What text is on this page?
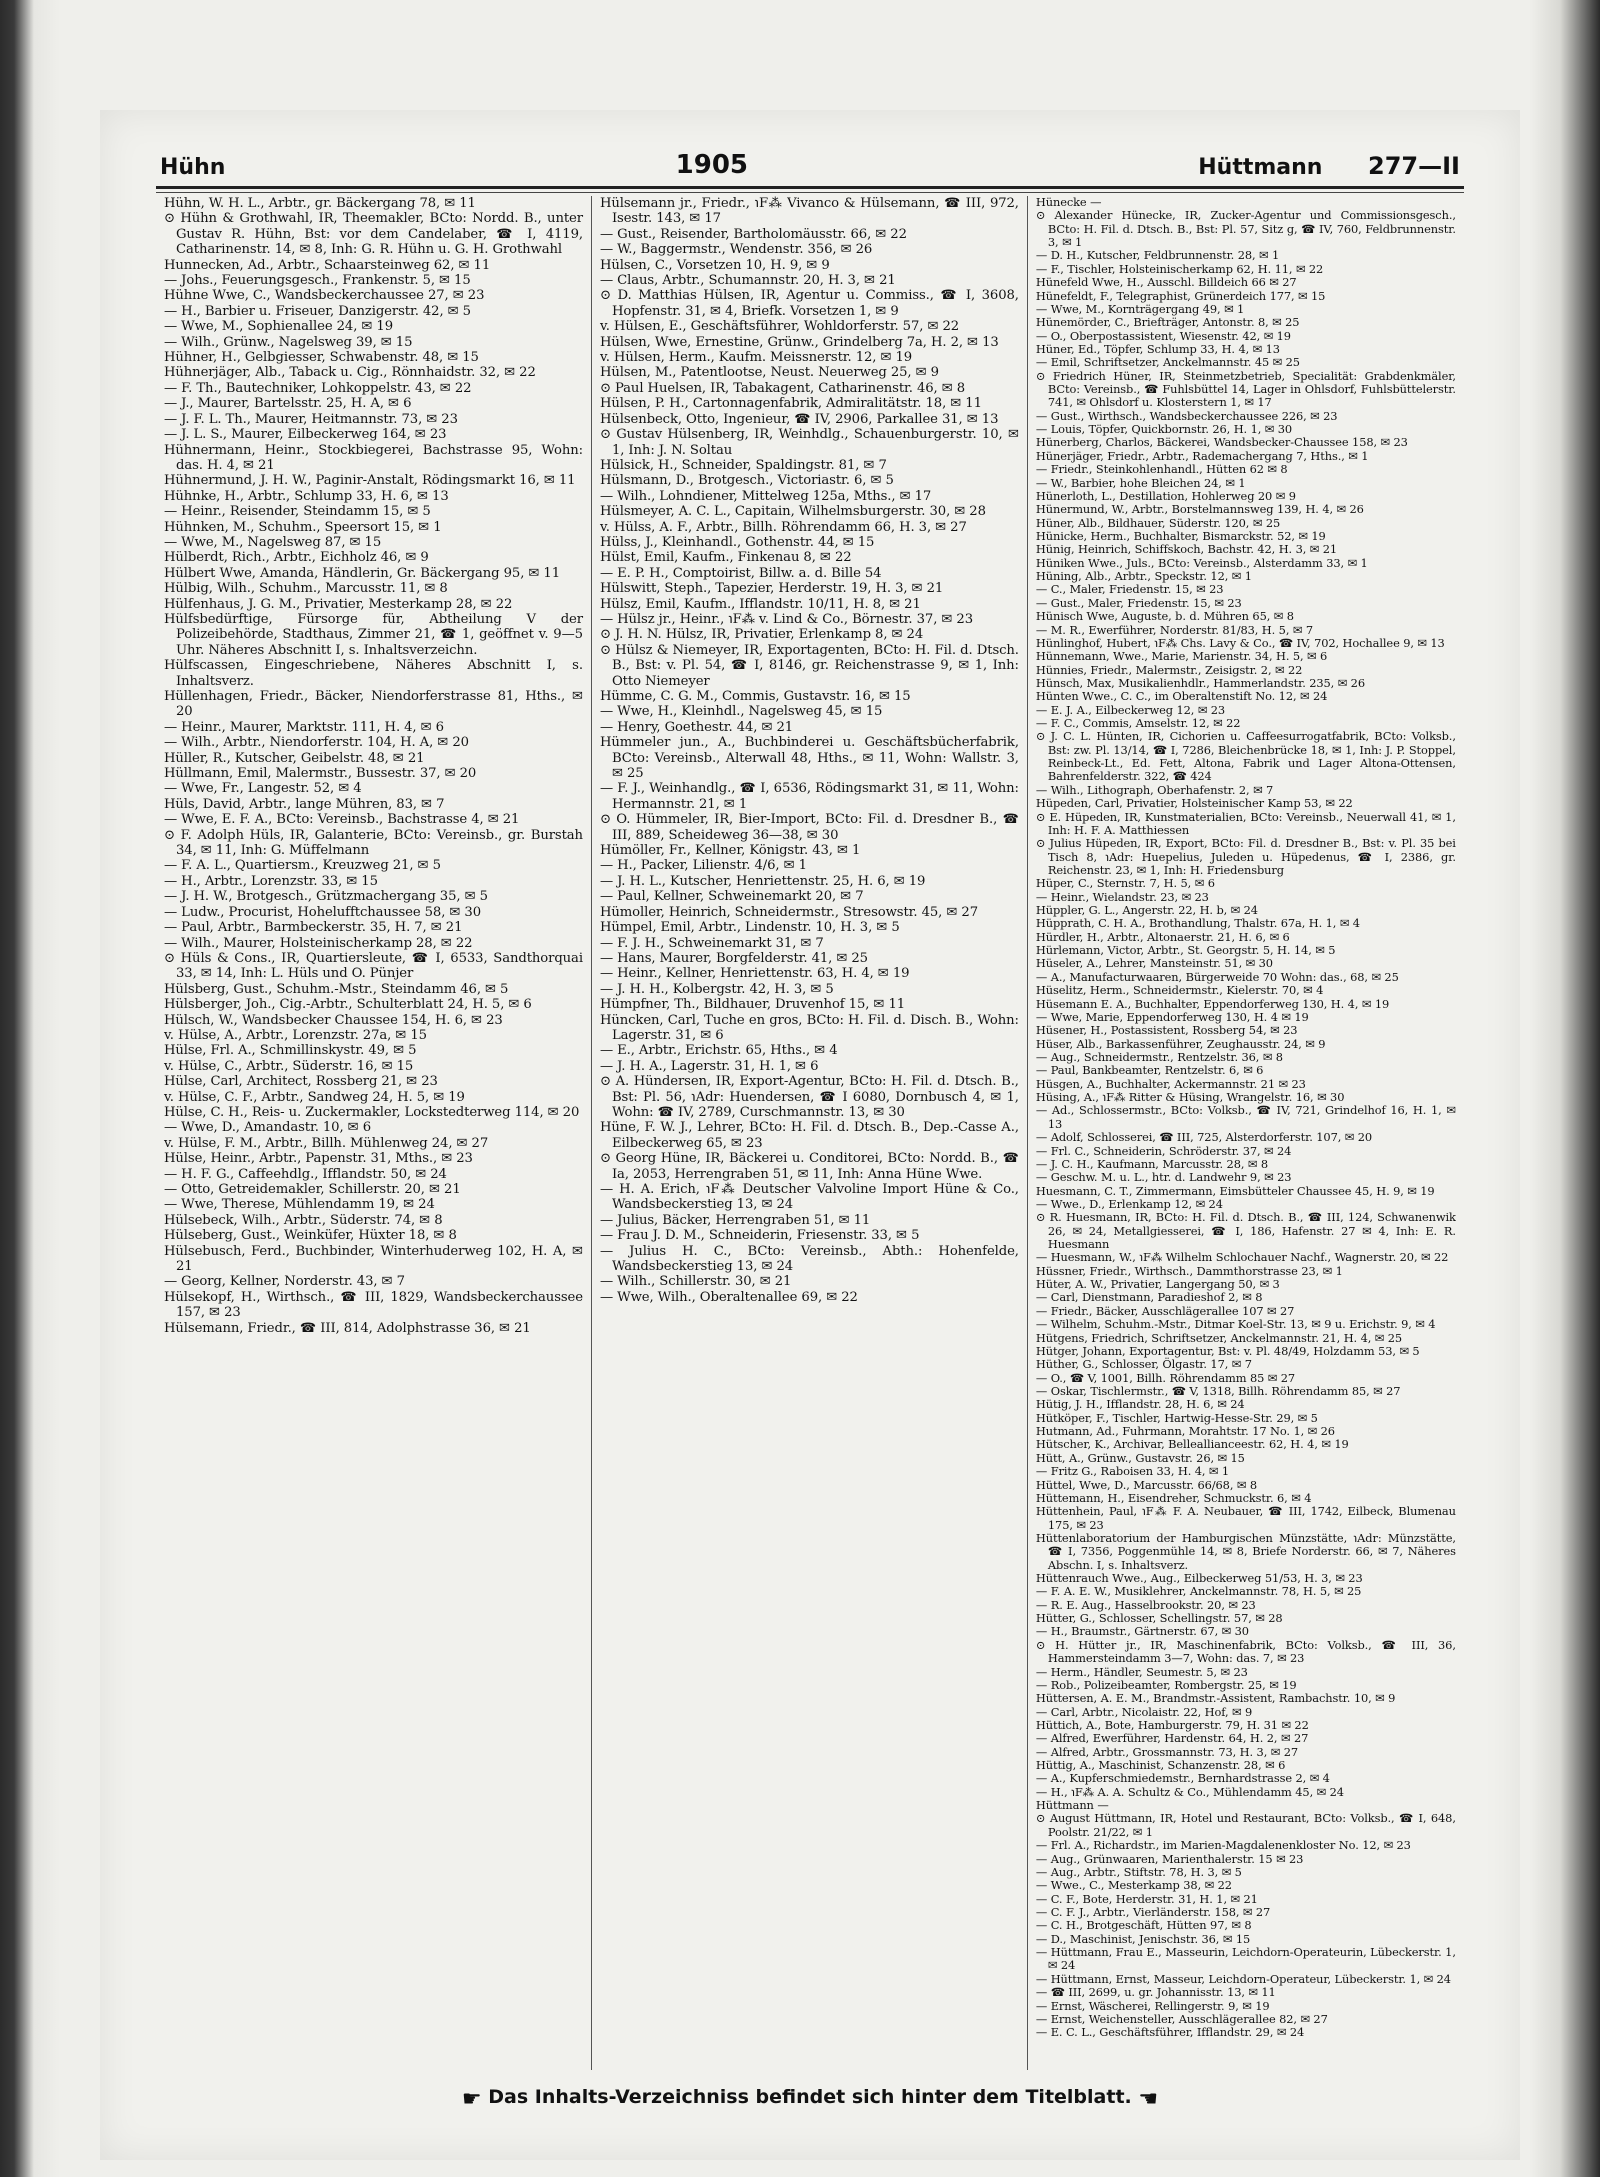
Hühn	1905	Hüttmann 277—II

Hühn, W. H. L., Arbtr., gr. Bäckergang 78, ✉ 11

⊙ Hühn & Grothwahl, IR, Theemakler, BCto: Nordd. B., unter Gustav R. Hühn, Bst: vor dem Candelaber, ☎ I, 4119, Catharinenstr. 14, ✉ 8, Inh: G. R. Hühn u. G. H. Grothwahl

Hunnecken, Ad., Arbtr., Schaarsteinweg 62, ✉ 11

— Johs., Feuerungsgesch., Frankenstr. 5, ✉ 15

Hühne Wwe, C., Wandsbeckerchaussee 27, ✉ 23

— H., Barbier u. Friseuer, Danzigerstr. 42, ✉ 5

— Wwe, M., Sophienallee 24, ✉ 19

— Wilh., Grünw., Nagelsweg 39, ✉ 15

Hühner, H., Gelbgiesser, Schwabenstr. 48, ✉ 15

Hühnerjäger, Alb., Taback u. Cig., Rönnhaidstr. 32, ✉ 22

— F. Th., Bautechniker, Lohkoppelstr. 43, ✉ 22

— J., Maurer, Bartelsstr. 25, H. A, ✉ 6

— J. F. L. Th., Maurer, Heitmannstr. 73, ✉ 23

— J. L. S., Maurer, Eilbeckerweg 164, ✉ 23

Hühnermann, Heinr., Stockbiegerei, Bachstrasse 95, Wohn: das. H. 4, ✉ 21

Hühnermund, J. H. W., Paginir-Anstalt, Rödingsmarkt 16, ✉ 11

Hühnke, H., Arbtr., Schlump 33, H. 6, ✉ 13

— Heinr., Reisender, Steindamm 15, ✉ 5

Hühnken, M., Schuhm., Speersort 15, ✉ 1

— Wwe, M., Nagelsweg 87, ✉ 15

Hülberdt, Rich., Arbtr., Eichholz 46, ✉ 9

Hülbert Wwe, Amanda, Händlerin, Gr. Bäckergang 95, ✉ 11

Hülbig, Wilh., Schuhm., Marcusstr. 11, ✉ 8

Hülfenhaus, J. G. M., Privatier, Mesterkamp 28, ✉ 22

Hülfsbedürftige, Fürsorge für, Abtheilung V der Polizeibehörde, Stadthaus, Zimmer 21, ☎ 1, geöffnet v. 9—5 Uhr. Näheres Abschnitt I, s. Inhaltsverzeichn.

Hülfscassen, Eingeschriebene, Näheres Abschnitt I, s. Inhaltsverz.

Hüllenhagen, Friedr., Bäcker, Niendorferstrasse 81, Hths., ✉ 20

— Heinr., Maurer, Marktstr. 111, H. 4, ✉ 6

— Wilh., Arbtr., Niendorferstr. 104, H. A, ✉ 20

Hüller, R., Kutscher, Geibelstr. 48, ✉ 21

Hüllmann, Emil, Malermstr., Bussestr. 37, ✉ 20

— Wwe, Fr., Langestr. 52, ✉ 4

Hüls, David, Arbtr., lange Mühren, 83, ✉ 7

— Wwe, E. F. A., BCto: Vereinsb., Bachstrasse 4, ✉ 21

⊙ F. Adolph Hüls, IR, Galanterie, BCto: Vereinsb., gr. Burstah 34, ✉ 11, Inh: G. Müffelmann

— F. A. L., Quartiersm., Kreuzweg 21, ✉ 5

— H., Arbtr., Lorenzstr. 33, ✉ 15

— J. H. W., Brotgesch., Grützmachergang 35, ✉ 5

— Ludw., Procurist, Hohelufftchaussee 58, ✉ 30

— Paul, Arbtr., Barmbeckerstr. 35, H. 7, ✉ 21

— Wilh., Maurer, Holsteinischerkamp 28, ✉ 22

⊙ Hüls & Cons., IR, Quartiersleute, ☎ I, 6533, Sandthorquai 33, ✉ 14, Inh: L. Hüls und O. Pünjer

Hülsberg, Gust., Schuhm.-Mstr., Steindamm 46, ✉ 5

Hülsberger, Joh., Cig.-Arbtr., Schulterblatt 24, H. 5, ✉ 6

Hülsch, W., Wandsbecker Chaussee 154, H. 6, ✉ 23

v. Hülse, A., Arbtr., Lorenzstr. 27a, ✉ 15

Hülse, Frl. A., Schmillinskystr. 49, ✉ 5

v. Hülse, C., Arbtr., Süderstr. 16, ✉ 15

Hülse, Carl, Architect, Rossberg 21, ✉ 23

v. Hülse, C. F., Arbtr., Sandweg 24, H. 5, ✉ 19

Hülse, C. H., Reis- u. Zuckermakler, Lockstedterweg 114, ✉ 20

— Wwe, D., Amandastr. 10, ✉ 6

v. Hülse, F. M., Arbtr., Billh. Mühlenweg 24, ✉ 27

Hülse, Heinr., Arbtr., Papenstr. 31, Mths., ✉ 23

— H. F. G., Caffeehdlg., Ifflandstr. 50, ✉ 24

— Otto, Getreidemakler, Schillerstr. 20, ✉ 21

— Wwe, Therese, Mühlendamm 19, ✉ 24

Hülsebeck, Wilh., Arbtr., Süderstr. 74, ✉ 8

Hülseberg, Gust., Weinküfer, Hüxter 18, ✉ 8

Hülsebusch, Ferd., Buchbinder, Winterhuderweg 102, H. A, ✉ 21

— Georg, Kellner, Norderstr. 43, ✉ 7

Hülsekopf, H., Wirthsch., ☎ III, 1829, Wandsbeckerchaussee 157, ✉ 23

Hülsemann, Friedr., ☎ III, 814, Adolphstrasse 36, ✉ 21

Hülsemann jr., Friedr., ℩F⁂ Vivanco & Hülsemann, ☎ III, 972, Isestr. 143, ✉ 17

— Gust., Reisender, Bartholomäusstr. 66, ✉ 22

— W., Baggermstr., Wendenstr. 356, ✉ 26

Hülsen, C., Vorsetzen 10, H. 9, ✉ 9

— Claus, Arbtr., Schumannstr. 20, H. 3, ✉ 21

⊙ D. Matthias Hülsen, IR, Agentur u. Commiss., ☎ I, 3608, Hopfenstr. 31, ✉ 4, Briefk. Vorsetzen 1, ✉ 9

v. Hülsen, E., Geschäftsführer, Wohldorferstr. 57, ✉ 22

Hülsen, Wwe, Ernestine, Grünw., Grindelberg 7a, H. 2, ✉ 13

v. Hülsen, Herm., Kaufm. Meissnerstr. 12, ✉ 19

Hülsen, M., Patentlootse, Neust. Neuerweg 25, ✉ 9

⊙ Paul Huelsen, IR, Tabakagent, Catharinenstr. 46, ✉ 8

Hülsen, P. H., Cartonnagenfabrik, Admiralitätstr. 18, ✉ 11

Hülsenbeck, Otto, Ingenieur, ☎ IV, 2906, Parkallee 31, ✉ 13

⊙ Gustav Hülsenberg, IR, Weinhdlg., Schauenburgerstr. 10, ✉ 1, Inh: J. N. Soltau

Hülsick, H., Schneider, Spaldingstr. 81, ✉ 7

Hülsmann, D., Brotgesch., Victoriastr. 6, ✉ 5

— Wilh., Lohndiener, Mittelweg 125a, Mths., ✉ 17

Hülsmeyer, A. C. L., Capitain, Wilhelmsburgerstr. 30, ✉ 28

v. Hülss, A. F., Arbtr., Billh. Röhrendamm 66, H. 3, ✉ 27

Hülss, J., Kleinhandl., Gothenstr. 44, ✉ 15

Hülst, Emil, Kaufm., Finkenau 8, ✉ 22

— E. P. H., Comptoirist, Billw. a. d. Bille 54

Hülswitt, Steph., Tapezier, Herderstr. 19, H. 3, ✉ 21

Hülsz, Emil, Kaufm., Ifflandstr. 10/11, H. 8, ✉ 21

— Hülsz jr., Heinr., ℩F⁂ v. Lind & Co., Börnestr. 37, ✉ 23

⊙ J. H. N. Hülsz, IR, Privatier, Erlenkamp 8, ✉ 24

⊙ Hülsz & Niemeyer, IR, Exportagenten, BCto: H. Fil. d. Dtsch. B., Bst: v. Pl. 54, ☎ I, 8146, gr. Reichenstrasse 9, ✉ 1, Inh: Otto Niemeyer

Hümme, C. G. M., Commis, Gustavstr. 16, ✉ 15

— Wwe, H., Kleinhdl., Nagelsweg 45, ✉ 15

— Henry, Goethestr. 44, ✉ 21

Hümmeler jun., A., Buchbinderei u. Geschäftsbücherfabrik, BCto: Vereinsb., Alterwall 48, Hths., ✉ 11, Wohn: Wallstr. 3, ✉ 25

— F. J., Weinhandlg., ☎ I, 6536, Rödingsmarkt 31, ✉ 11, Wohn: Hermannstr. 21, ✉ 1

⊙ O. Hümmeler, IR, Bier-Import, BCto: Fil. d. Dresdner B., ☎ III, 889, Scheideweg 36—38, ✉ 30

Hümöller, Fr., Kellner, Königstr. 43, ✉ 1

— H., Packer, Lilienstr. 4/6, ✉ 1

— J. H. L., Kutscher, Henriettenstr. 25, H. 6, ✉ 19

— Paul, Kellner, Schweinemarkt 20, ✉ 7

Hümoller, Heinrich, Schneidermstr., Stresowstr. 45, ✉ 27

Hümpel, Emil, Arbtr., Lindenstr. 10, H. 3, ✉ 5

— F. J. H., Schweinemarkt 31, ✉ 7

— Hans, Maurer, Borgfelderstr. 41, ✉ 25

— Heinr., Kellner, Henriettenstr. 63, H. 4, ✉ 19

— J. H. H., Kolbergstr. 42, H. 3, ✉ 5

Hümpfner, Th., Bildhauer, Druvenhof 15, ✉ 11

Hüncken, Carl, Tuche en gros, BCto: H. Fil. d. Disch. B., Wohn: Lagerstr. 31, ✉ 6

— E., Arbtr., Erichstr. 65, Hths., ✉ 4

— J. H. A., Lagerstr. 31, H. 1, ✉ 6

⊙ A. Hündersen, IR, Export-Agentur, BCto: H. Fil. d. Dtsch. B., Bst: Pl. 56, ℩Adr: Huendersen, ☎ I 6080, Dornbusch 4, ✉ 1, Wohn: ☎ IV, 2789, Curschmannstr. 13, ✉ 30

Hüne, F. W. J., Lehrer, BCto: H. Fil. d. Dtsch. B., Dep.-Casse A., Eilbeckerweg 65, ✉ 23

⊙ Georg Hüne, IR, Bäckerei u. Conditorei, BCto: Nordd. B., ☎ Ia, 2053, Herrengraben 51, ✉ 11, Inh: Anna Hüne Wwe.

— H. A. Erich, ℩F⁂ Deutscher Valvoline Import Hüne & Co., Wandsbeckerstieg 13, ✉ 24

— Julius, Bäcker, Herrengraben 51, ✉ 11

— Frau J. D. M., Schneiderin, Friesenstr. 33, ✉ 5

— Julius H. C., BCto: Vereinsb., Abth.: Hohenfelde, Wandsbeckerstieg 13, ✉ 24

— Wilh., Schillerstr. 30, ✉ 21

— Wwe, Wilh., Oberaltenallee 69, ✉ 22

Hünecke —

⊙ Alexander Hünecke, IR, Zucker-Agentur und Commissionsgesch., BCto: H. Fil. d. Dtsch. B., Bst: Pl. 57, Sitz g, ☎ IV, 760, Feldbrunnenstr. 3, ✉ 1

— D. H., Kutscher, Feldbrunnenstr. 28, ✉ 1

— F., Tischler, Holsteinischerkamp 62, H. 11, ✉ 22

Hünefeld Wwe, H., Ausschl. Billdeich 66 ✉ 27

Hünefeldt, F., Telegraphist, Grünerdeich 177, ✉ 15

— Wwe, M., Kornträgergang 49, ✉ 1

Hünemörder, C., Briefträger, Antonstr. 8, ✉ 25

— O., Oberpostassistent, Wiesenstr. 42, ✉ 19

Hüner, Ed., Töpfer, Schlump 33, H. 4, ✉ 13

— Emil, Schriftsetzer, Anckelmannstr. 45 ✉ 25

⊙ Friedrich Hüner, IR, Steinmetzbetrieb, Specialität: Grabdenkmäler, BCto: Vereinsb., ☎ Fuhlsbüttel 14, Lager in Ohlsdorf, Fuhlsbüttelerstr. 741, ✉ Ohlsdorf u. Klosterstern 1, ✉ 17

— Gust., Wirthsch., Wandsbeckerchaussee 226, ✉ 23

— Louis, Töpfer, Quickbornstr. 26, H. 1, ✉ 30

Hünerberg, Charlos, Bäckerei, Wandsbecker-Chaussee 158, ✉ 23

Hünerjäger, Friedr., Arbtr., Rademachergang 7, Hths., ✉ 1

— Friedr., Steinkohlenhandl., Hütten 62 ✉ 8

— W., Barbier, hohe Bleichen 24, ✉ 1

Hünerloth, L., Destillation, Hohlerweg 20 ✉ 9

Hünermund, W., Arbtr., Borstelmannsweg 139, H. 4, ✉ 26

Hüner, Alb., Bildhauer, Süderstr. 120, ✉ 25

Hünicke, Herm., Buchhalter, Bismarckstr. 52, ✉ 19

Hünig, Heinrich, Schiffskoch, Bachstr. 42, H. 3, ✉ 21

Hüniken Wwe., Juls., BCto: Vereinsb., Alsterdamm 33, ✉ 1

Hüning, Alb., Arbtr., Speckstr. 12, ✉ 1

— C., Maler, Friedenstr. 15, ✉ 23

— Gust., Maler, Friedenstr. 15, ✉ 23

Hünisch Wwe, Auguste, b. d. Mühren 65, ✉ 8

— M. R., Ewerführer, Norderstr. 81/83, H. 5, ✉ 7

Hünlinghof, Hubert, ℩F⁂ Chs. Lavy & Co., ☎ IV, 702, Hochallee 9, ✉ 13

Hünnemann, Wwe., Marie, Marienstr. 34, H. 5, ✉ 6

Hünnies, Friedr., Malermstr., Zeisigstr. 2, ✉ 22

Hünsch, Max, Musikalienhdlr., Hammerlandstr. 235, ✉ 26

Hünten Wwe., C. C., im Oberaltenstift No. 12, ✉ 24

— E. J. A., Eilbeckerweg 12, ✉ 23

— F. C., Commis, Amselstr. 12, ✉ 22

⊙ J. C. L. Hünten, IR, Cichorien u. Caffeesurrogatfabrik, BCto: Volksb., Bst: zw. Pl. 13/14, ☎ I, 7286, Bleichenbrücke 18, ✉ 1, Inh: J. P. Stoppel, Reinbeck-Lt., Ed. Fett, Altona, Fabrik und Lager Altona-Ottensen, Bahrenfelderstr. 322, ☎ 424

— Wilh., Lithograph, Oberhafenstr. 2, ✉ 7

Hüpeden, Carl, Privatier, Holsteinischer Kamp 53, ✉ 22

⊙ E. Hüpeden, IR, Kunstmaterialien, BCto: Vereinsb., Neuerwall 41, ✉ 1, Inh: H. F. A. Matthiessen

⊙ Julius Hüpeden, IR, Export, BCto: Fil. d. Dresdner B., Bst: v. Pl. 35 bei Tisch 8, ℩Adr: Huepelius, Juleden u. Hüpedenus, ☎ I, 2386, gr. Reichenstr. 23, ✉ 1, Inh: H. Friedensburg

Hüper, C., Sternstr. 7, H. 5, ✉ 6

— Heinr., Wielandstr. 23, ✉ 23

Hüppler, G. L., Angerstr. 22, H. b, ✉ 24

Hüpprath, C. H. A., Brothandlung, Thalstr. 67a, H. 1, ✉ 4

Hürdler, H., Arbtr., Altonaerstr. 21, H. 6, ✉ 6

Hürlemann, Victor, Arbtr., St. Georgstr. 5, H. 14, ✉ 5

Hüseler, A., Lehrer, Mansteinstr. 51, ✉ 30

— A., Manufacturwaaren, Bürgerweide 70 Wohn: das., 68, ✉ 25

Hüselitz, Herm., Schneidermstr., Kielerstr. 70, ✉ 4

Hüsemann E. A., Buchhalter, Eppendorferweg 130, H. 4, ✉ 19

— Wwe, Marie, Eppendorferweg 130, H. 4 ✉ 19

Hüsener, H., Postassistent, Rossberg 54, ✉ 23

Hüser, Alb., Barkassenführer, Zeughausstr. 24, ✉ 9

— Aug., Schneidermstr., Rentzelstr. 36, ✉ 8

— Paul, Bankbeamter, Rentzelstr. 6, ✉ 6

Hüsgen, A., Buchhalter, Ackermannstr. 21 ✉ 23

Hüsing, A., ℩F⁂ Ritter & Hüsing, Wrangelstr. 16, ✉ 30

— Ad., Schlossermstr., BCto: Volksb., ☎ IV, 721, Grindelhof 16, H. 1, ✉ 13

— Adolf, Schlosserei, ☎ III, 725, Alsterdorferstr. 107, ✉ 20

— Frl. C., Schneiderin, Schröderstr. 37, ✉ 24

— J. C. H., Kaufmann, Marcusstr. 28, ✉ 8

— Geschw. M. u. L., htr. d. Landwehr 9, ✉ 23

Huesmann, C. T., Zimmermann, Eimsbütteler Chaussee 45, H. 9, ✉ 19

— Wwe., D., Erlenkamp 12, ✉ 24

⊙ R. Huesmann, IR, BCto: H. Fil. d. Dtsch. B., ☎ III, 124, Schwanenwik 26, ✉ 24, Metallgiesserei, ☎ I, 186, Hafenstr. 27 ✉ 4, Inh: E. R. Huesmann

— Huesmann, W., ℩F⁂ Wilhelm Schlochauer Nachf., Wagnerstr. 20, ✉ 22

Hüssner, Friedr., Wirthsch., Dammthorstrasse 23, ✉ 1

Hüter, A. W., Privatier, Langergang 50, ✉ 3

— Carl, Dienstmann, Paradieshof 2, ✉ 8

— Friedr., Bäcker, Ausschlägerallee 107 ✉ 27

— Wilhelm, Schuhm.-Mstr., Ditmar Koel-Str. 13, ✉ 9 u. Erichstr. 9, ✉ 4

Hütgens, Friedrich, Schriftsetzer, Anckelmannstr. 21, H. 4, ✉ 25

Hütger, Johann, Exportagentur, Bst: v. Pl. 48/49, Holzdamm 53, ✉ 5

Hüther, G., Schlosser, Ölgastr. 17, ✉ 7

— O., ☎ V, 1001, Billh. Röhrendamm 85 ✉ 27

— Oskar, Tischlermstr., ☎ V, 1318, Billh. Röhrendamm 85, ✉ 27

Hütig, J. H., Ifflandstr. 28, H. 6, ✉ 24

Hütköper, F., Tischler, Hartwig-Hesse-Str. 29, ✉ 5

Hutmann, Ad., Fuhrmann, Morahtstr. 17 No. 1, ✉ 26

Hütscher, K., Archivar, Belleallianceestr. 62, H. 4, ✉ 19

Hütt, A., Grünw., Gustavstr. 26, ✉ 15

— Fritz G., Raboisen 33, H. 4, ✉ 1

Hüttel, Wwe, D., Marcusstr. 66/68, ✉ 8

Hüttemann, H., Eisendreher, Schmuckstr. 6, ✉ 4

Hüttenhein, Paul, ℩F⁂ F. A. Neubauer, ☎ III, 1742, Eilbeck, Blumenau 175, ✉ 23

Hüttenlaboratorium der Hamburgischen Münzstätte, ℩Adr: Münzstätte, ☎ I, 7356, Poggenmühle 14, ✉ 8, Briefe Norderstr. 66, ✉ 7, Näheres Abschn. I, s. Inhaltsverz.

Hüttenrauch Wwe., Aug., Eilbeckerweg 51/53, H. 3, ✉ 23

— F. A. E. W., Musiklehrer, Anckelmannstr. 78, H. 5, ✉ 25

— R. E. Aug., Hasselbrookstr. 20, ✉ 23

Hütter, G., Schlosser, Schellingstr. 57, ✉ 28

— H., Braumstr., Gärtnerstr. 67, ✉ 30

⊙ H. Hütter jr., IR, Maschinenfabrik, BCto: Volksb., ☎ III, 36, Hammersteindamm 3—7, Wohn: das. 7, ✉ 23

— Herm., Händler, Seumestr. 5, ✉ 23

— Rob., Polizeibeamter, Rombergstr. 25, ✉ 19

Hüttersen, A. E. M., Brandmstr.-Assistent, Rambachstr. 10, ✉ 9

— Carl, Arbtr., Nicolaistr. 22, Hof, ✉ 9

Hüttich, A., Bote, Hamburgerstr. 79, H. 31 ✉ 22

— Alfred, Ewerführer, Hardenstr. 64, H. 2, ✉ 27

— Alfred, Arbtr., Grossmannstr. 73, H. 3, ✉ 27

Hüttig, A., Maschinist, Schanzenstr. 28, ✉ 6

— A., Kupferschmiedemstr., Bernhardstrasse 2, ✉ 4

— H., ℩F⁂ A. A. Schultz & Co., Mühlendamm 45, ✉ 24

Hüttmann —

⊙ August Hüttmann, IR, Hotel und Restaurant, BCto: Volksb., ☎ I, 648, Poolstr. 21/22, ✉ 1

— Frl. A., Richardstr., im Marien-Magdalenenkloster No. 12, ✉ 23

— Aug., Grünwaaren, Marienthalerstr. 15 ✉ 23

— Aug., Arbtr., Stiftstr. 78, H. 3, ✉ 5

— Wwe., C., Mesterkamp 38, ✉ 22

— C. F., Bote, Herderstr. 31, H. 1, ✉ 21

— C. F. J., Arbtr., Vierländerstr. 158, ✉ 27

— C. H., Brotgeschäft, Hütten 97, ✉ 8

— D., Maschinist, Jenischstr. 36, ✉ 15

— Hüttmann, Frau E., Masseurin, Leichdorn-Operateurin, Lübeckerstr. 1, ✉ 24

— Hüttmann, Ernst, Masseur, Leichdorn-Operateur, Lübeckerstr. 1, ✉ 24

— ☎ III, 2699, u. gr. Johannisstr. 13, ✉ 11

— Ernst, Wäscherei, Rellingerstr. 9, ✉ 19

— Ernst, Weichensteller, Ausschlägerallee 82, ✉ 27

— E. C. L., Geschäftsführer, Ifflandstr. 29, ✉ 24

☛ Das Inhalts-Verzeichniss befindet sich hinter dem Titelblatt. ☚
